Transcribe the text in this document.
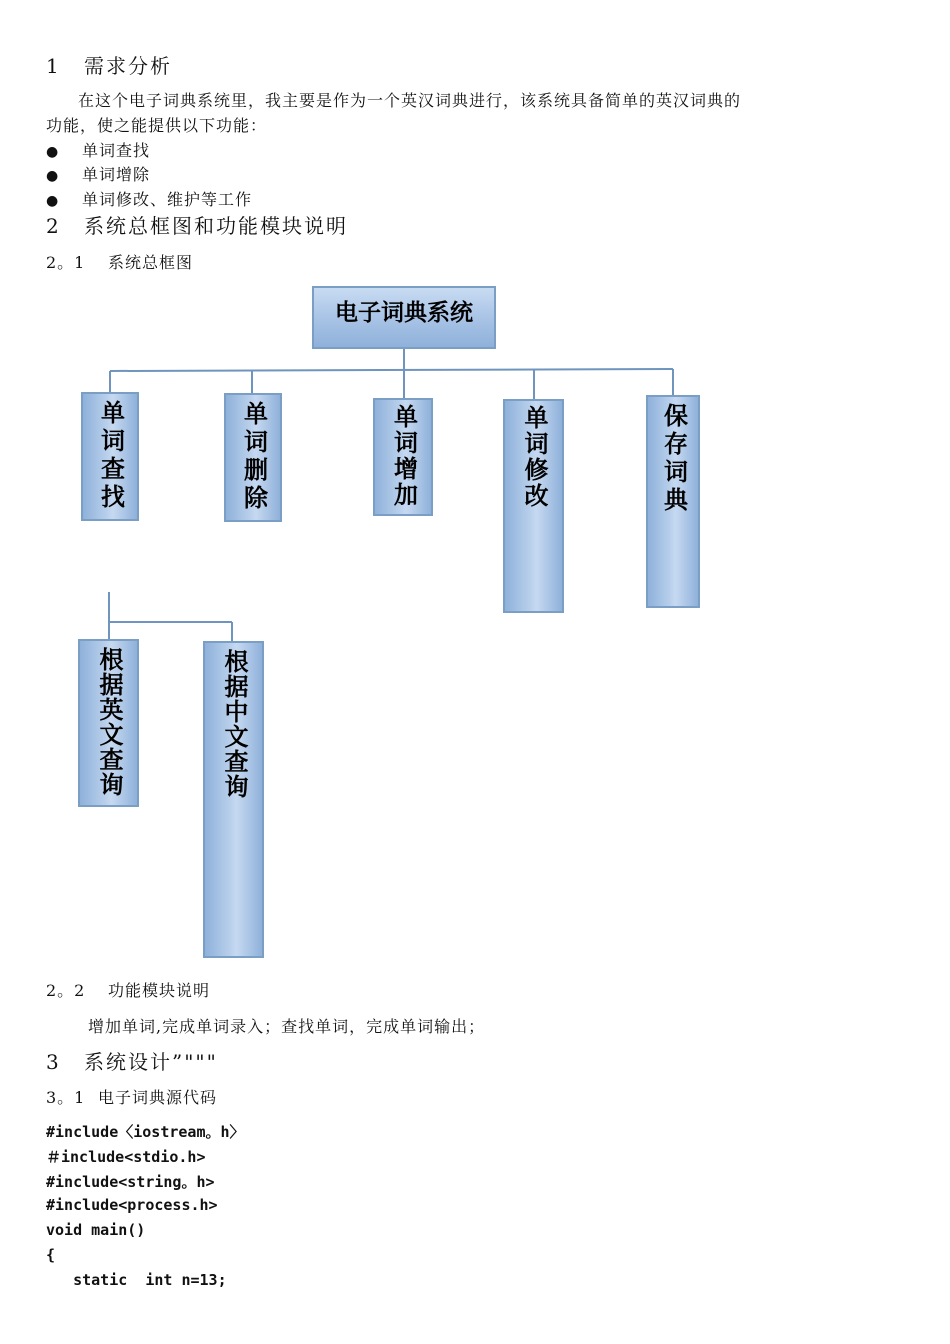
1 需求分析
在这个电子词典系统里，我主要是作为一个英汉词典进行，该系统具备简单的英汉词典的
功能，使之能提供以下功能：
● 单词查找
● 单词增除
● 单词修改、维护等工作
2 系统总框图和功能模块说明
2。1 系统总框图
电子词典系统
单词查找	单词删除	单词增加	单词修改	保存词典
根据英文查询	根据中文查询
2。2 功能模块说明
增加单词,完成单词录入；查找单词，完成单词输出；
3 系统设计”"""
3。1 电子词典源代码
#include〈iostream。h〉
＃include<stdio.h>
#include<string。h>
#include<process.h>
void main()
{
static  int n=13;
